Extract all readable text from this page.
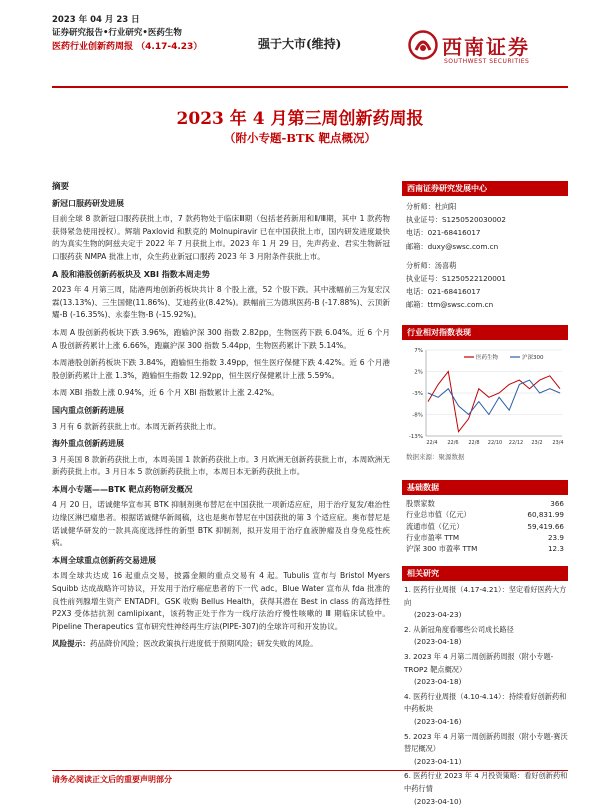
2023 年 04 月 23 日
证券研究报告•行业研究•医药生物
医药行业创新药周报 （4.17-4.23）	强于大市(维持)	西南证券
SOUTHWEST SECURITIES
2023 年 4 月第三周创新药周报
（附小专题-BTK 靶点概况）
摘要
新冠口服药研发进展

目前全球 8 款新冠口服药获批上市，7 款药物处于临床Ⅲ期（包括老药新用和Ⅱ/Ⅲ期，其中 1 款药物获得紧急使用授权）。辉瑞 Paxlovid 和默克的 Molnupiravir 已在中国获批上市，国内研发进度最快的为真实生物的阿兹夫定于 2022 年 7 月获批上市。2023 年 1 月 29 日，先声药业、君实生物新冠口服药获 NMPA 批准上市，众生药业新冠口服药 2023 年 3 月附条件获批上市。

A 股和港股创新药板块及 XBI 指数本周走势

2023 年 4 月第三周，陆港两地创新药板块共计 8 个股上涨，52 个股下跌。其中涨幅前三为复宏汉霖(13.13%)、三生国健(11.86%)、艾迪药业(8.42%)。跌幅前三为德琪医药-B (-17.88%)、云顶新耀-B (-16.35%)、永泰生物-B (-15.92%)。

本周 A 股创新药板块下跌 3.96%，跑输沪深 300 指数 2.82pp，生物医药下跌 6.04%。近 6 个月 A 股创新药累计上涨 6.66%，跑赢沪深 300 指数 5.44pp，生物医药累计下跌 5.14%。

本周港股创新药板块下跌 3.84%，跑输恒生指数 3.49pp，恒生医疗保健下跌 4.42%。近 6 个月港股创新药累计上涨 1.3%，跑输恒生指数 12.92pp，恒生医疗保健累计上涨 5.59%。

本周 XBI 指数上涨 0.94%，近 6 个月 XBI 指数累计上涨 2.42%。

国内重点创新药进展

3 月有 6 款新药获批上市。本周无新药获批上市。

海外重点创新药进展

3 月美国 8 款新药获批上市，本周美国 1 款新药获批上市。3 月欧洲无创新药获批上市，本周欧洲无新药获批上市。3 月日本 5 款创新药获批上市，本周日本无新药获批上市。

本周小专题——BTK 靶点药物研发概况

4 月 20 日，诺诚健华宣布其 BTK 抑制剂奥布替尼在中国获批一项新适应症，用于治疗复发/难治性边缘区淋巴瘤患者。根据诺诚健华新闻稿，这也是奥布替尼在中国获批的第 3 个适应症。奥布替尼是诺诚健华研发的一款具高度选择性的新型 BTK 抑制剂，拟开发用于治疗血液肿瘤及自身免疫性疾病。

本周全球重点创新药交易进展

本周全球共达成 16 起重点交易，披露金额的重点交易有 4 起。Tubulis 宣布与 Bristol Myers Squibb 达成战略许可协议，开发用于治疗癌症患者的下一代 adc。Blue Water 宣布从 fda 批准的良性前列腺增生资产 ENTADFI。GSK 收购 Bellus Health，获得其潜在 Best in class 的高选择性 P2X3 受体拮抗剂 camlipixant，该药物正处于作为一线疗法治疗慢性咳嗽的 Ⅲ 期临床试验中。Pipeline Therapeutics 宣布研究性神经再生疗法(PIPE-307)的全球许可和开发协议。

风险提示：药品降价风险；医改政策执行进度低于预期风险；研发失败的风险。

西南证券研究发展中心
分析师：杜向阳
执业证号：S1250520030002
电话：021-68416017
邮箱：duxy@swsc.com.cn
分析师：汤喜萌
执业证号：S1250522120001
电话：021-68416017
邮箱：ttm@swsc.com.cn
行业相对指数表现
7%
2%
-3%
-8%
-13%
22/4 22/6 22/8 22/10 22/12 23/2 23/4
医药生物	沪深300
数据来源：聚源数据
基础数据
股票家数	366
行业总市值（亿元）	60,831.99
流通市值（亿元）	59,419.66
行业市盈率 TTM	23.9
沪深 300 市盈率 TTM	12.3
相关研究
1. 医药行业周报（4.17-4.21）：坚定看好医药大方向
(2023-04-23)
2. 从新冠角度看哪些公司成长路径
(2023-04-18)
3. 2023 年 4 月第二周创新药周报（附小专题-TROP2 靶点概况）
(2023-04-18)
4. 医药行业周报（4.10-4.14）：持续看好创新药和中药板块
(2023-04-16)
5. 2023 年 4 月第一周创新药周报（附小专题-赛沃替尼概况）
(2023-04-11)
6. 医药行业 2023 年 4 月投资策略：看好创新药和中药行情
(2023-04-10)
请务必阅读正文后的重要声明部分
